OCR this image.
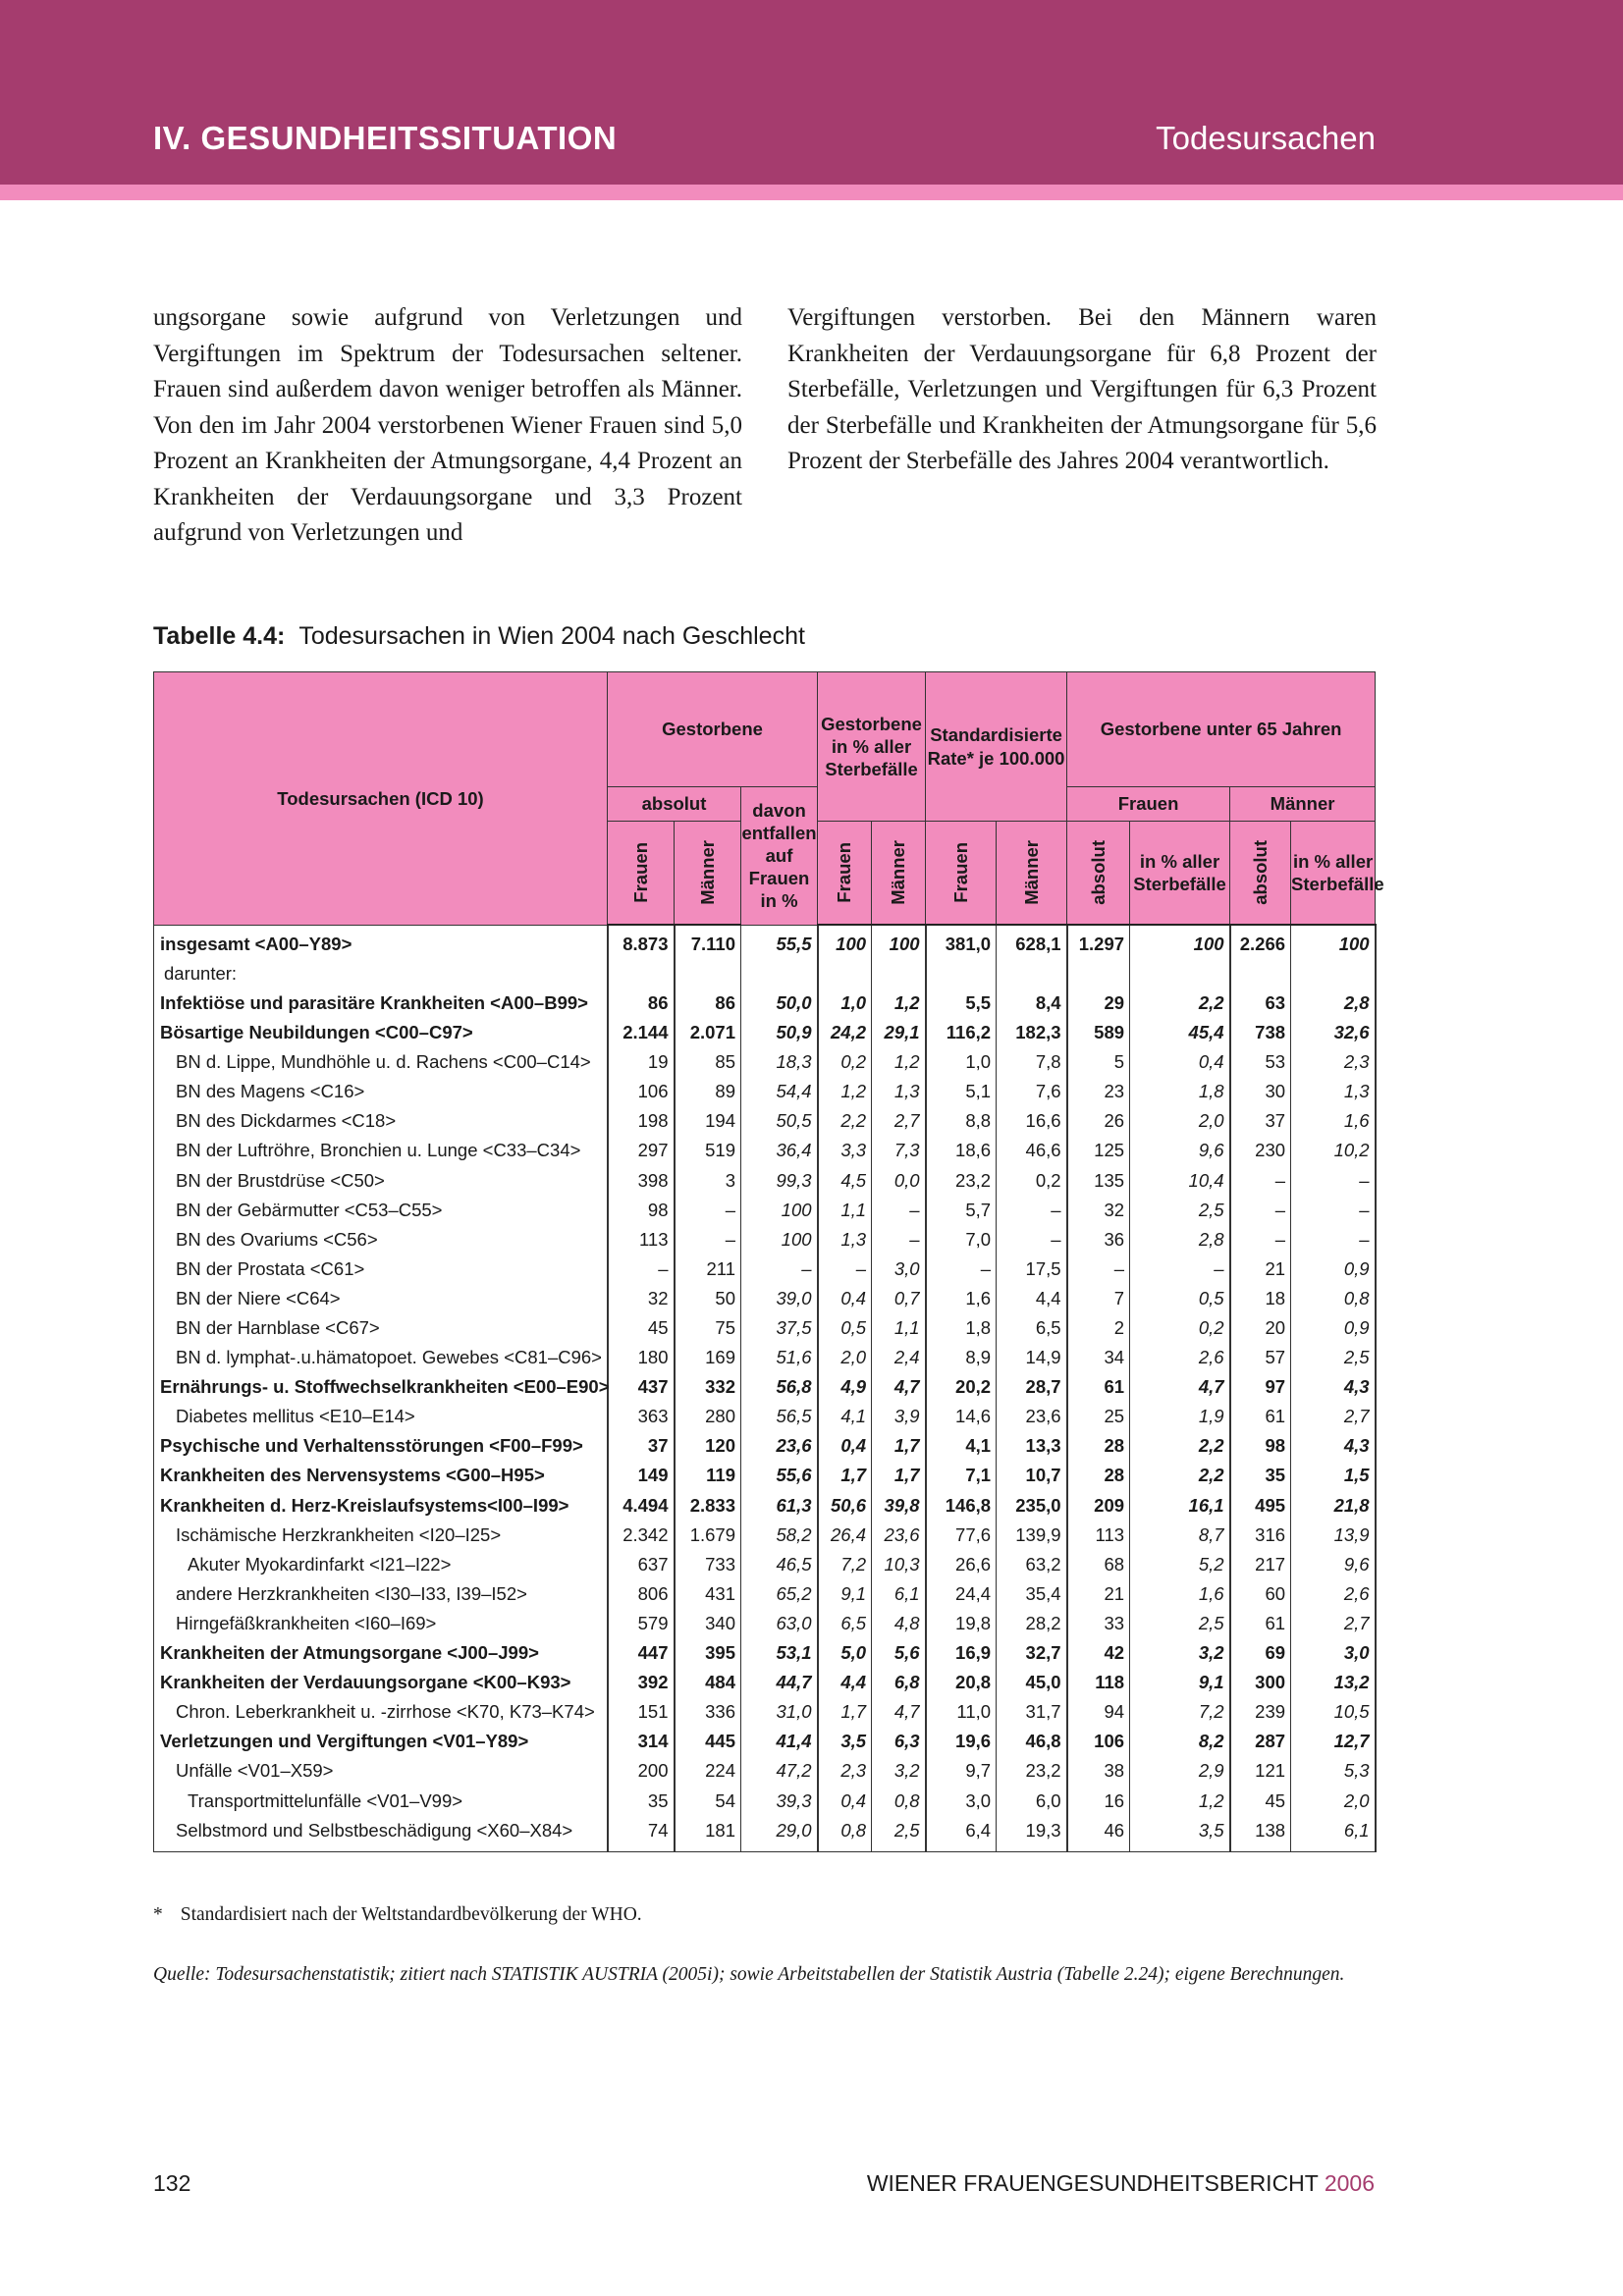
IV. GESUNDHEITSSITUATION	Todesursachen

ungsorgane sowie aufgrund von Verletzungen und Vergiftungen im Spektrum der Todesursachen seltener. Frauen sind außerdem davon weniger betroffen als Männer. Von den im Jahr 2004 verstorbenen Wiener Frauen sind 5,0 Prozent an Krankheiten der Atmungsorgane, 4,4 Prozent an Krankheiten der Verdauungsorgane und 3,3 Prozent aufgrund von Verletzungen und

Vergiftungen verstorben. Bei den Männern waren Krankheiten der Verdauungsorgane für 6,8 Prozent der Sterbefälle, Verletzungen und Vergiftungen für 6,3 Prozent der Sterbefälle und Krankheiten der Atmungsorgane für 5,6 Prozent der Sterbefälle des Jahres 2004 verantwortlich.

Tabelle 4.4: Todesursachen in Wien 2004 nach Geschlecht
Todesursachen (ICD 10)	Gestorbene			Gestorbene in % aller Sterbefälle		Standardisierte Rate* je 100.000		Gestorbene unter 65 Jahren			
	absolut		davon entfallen auf Frauen in %					Frauen		Männer	

	Frauen	Männer		Frauen	Männer	Frauen	Männer	absolut	in % aller Sterbefälle	absolut	in % aller Sterbefälle
insgesamt <A00–Y89>	8.873	7.110	55,5	100	100	381,0	628,1	1.297	100	2.266	100
darunter:											
Infektiöse und parasitäre Krankheiten <A00–B99>	86	86	50,0	1,0	1,2	5,5	8,4	29	2,2	63	2,8
Bösartige Neubildungen <C00–C97>	2.144	2.071	50,9	24,2	29,1	116,2	182,3	589	45,4	738	32,6
BN d. Lippe, Mundhöhle u. d. Rachens <C00–C14>	19	85	18,3	0,2	1,2	1,0	7,8	5	0,4	53	2,3
BN des Magens <C16>	106	89	54,4	1,2	1,3	5,1	7,6	23	1,8	30	1,3
BN des Dickdarmes <C18>	198	194	50,5	2,2	2,7	8,8	16,6	26	2,0	37	1,6
BN der Luftröhre, Bronchien u. Lunge <C33–C34>	297	519	36,4	3,3	7,3	18,6	46,6	125	9,6	230	10,2
BN der Brustdrüse <C50>	398	3	99,3	4,5	0,0	23,2	0,2	135	10,4	–	–
BN der Gebärmutter <C53–C55>	98	–	100	1,1	–	5,7	–	32	2,5	–	–
BN des Ovariums <C56>	113	–	100	1,3	–	7,0	–	36	2,8	–	–
BN der Prostata <C61>	–	211	–	–	3,0	–	17,5	–	–	21	0,9
BN der Niere <C64>	32	50	39,0	0,4	0,7	1,6	4,4	7	0,5	18	0,8
BN der Harnblase <C67>	45	75	37,5	0,5	1,1	1,8	6,5	2	0,2	20	0,9
BN d. lymphat-.u.hämatopoet. Gewebes <C81–C96>	180	169	51,6	2,0	2,4	8,9	14,9	34	2,6	57	2,5
Ernährungs- u. Stoffwechselkrankheiten <E00–E90>	437	332	56,8	4,9	4,7	20,2	28,7	61	4,7	97	4,3
Diabetes mellitus <E10–E14>	363	280	56,5	4,1	3,9	14,6	23,6	25	1,9	61	2,7
Psychische und Verhaltensstörungen <F00–F99>	37	120	23,6	0,4	1,7	4,1	13,3	28	2,2	98	4,3
Krankheiten des Nervensystems <G00–H95>	149	119	55,6	1,7	1,7	7,1	10,7	28	2,2	35	1,5
Krankheiten d. Herz-Kreislaufsystems<I00–I99>	4.494	2.833	61,3	50,6	39,8	146,8	235,0	209	16,1	495	21,8
Ischämische Herzkrankheiten <I20–I25>	2.342	1.679	58,2	26,4	23,6	77,6	139,9	113	8,7	316	13,9
Akuter Myokardinfarkt <I21–I22>	637	733	46,5	7,2	10,3	26,6	63,2	68	5,2	217	9,6
andere Herzkrankheiten <I30–I33, I39–I52>	806	431	65,2	9,1	6,1	24,4	35,4	21	1,6	60	2,6
Hirngefäßkrankheiten <I60–I69>	579	340	63,0	6,5	4,8	19,8	28,2	33	2,5	61	2,7
Krankheiten der Atmungsorgane <J00–J99>	447	395	53,1	5,0	5,6	16,9	32,7	42	3,2	69	3,0
Krankheiten der Verdauungsorgane <K00–K93>	392	484	44,7	4,4	6,8	20,8	45,0	118	9,1	300	13,2
Chron. Leberkrankheit u. -zirrhose <K70, K73–K74>	151	336	31,0	1,7	4,7	11,0	31,7	94	7,2	239	10,5
Verletzungen und Vergiftungen <V01–Y89>	314	445	41,4	3,5	6,3	19,6	46,8	106	8,2	287	12,7
Unfälle <V01–X59>	200	224	47,2	2,3	3,2	9,7	23,2	38	2,9	121	5,3
Transportmittelunfälle <V01–V99>	35	54	39,3	0,4	0,8	3,0	6,0	16	1,2	45	2,0
Selbstmord und Selbstbeschädigung <X60–X84>	74	181	29,0	0,8	2,5	6,4	19,3	46	3,5	138	6,1
* Standardisiert nach der Weltstandardbevölkerung der WHO.
Quelle: Todesursachenstatistik; zitiert nach STATISTIK AUSTRIA (2005i); sowie Arbeitstabellen der Statistik Austria (Tabelle 2.24); eigene Berechnungen.
132	WIENER FRAUENGESUNDHEITSBERICHT 2006
